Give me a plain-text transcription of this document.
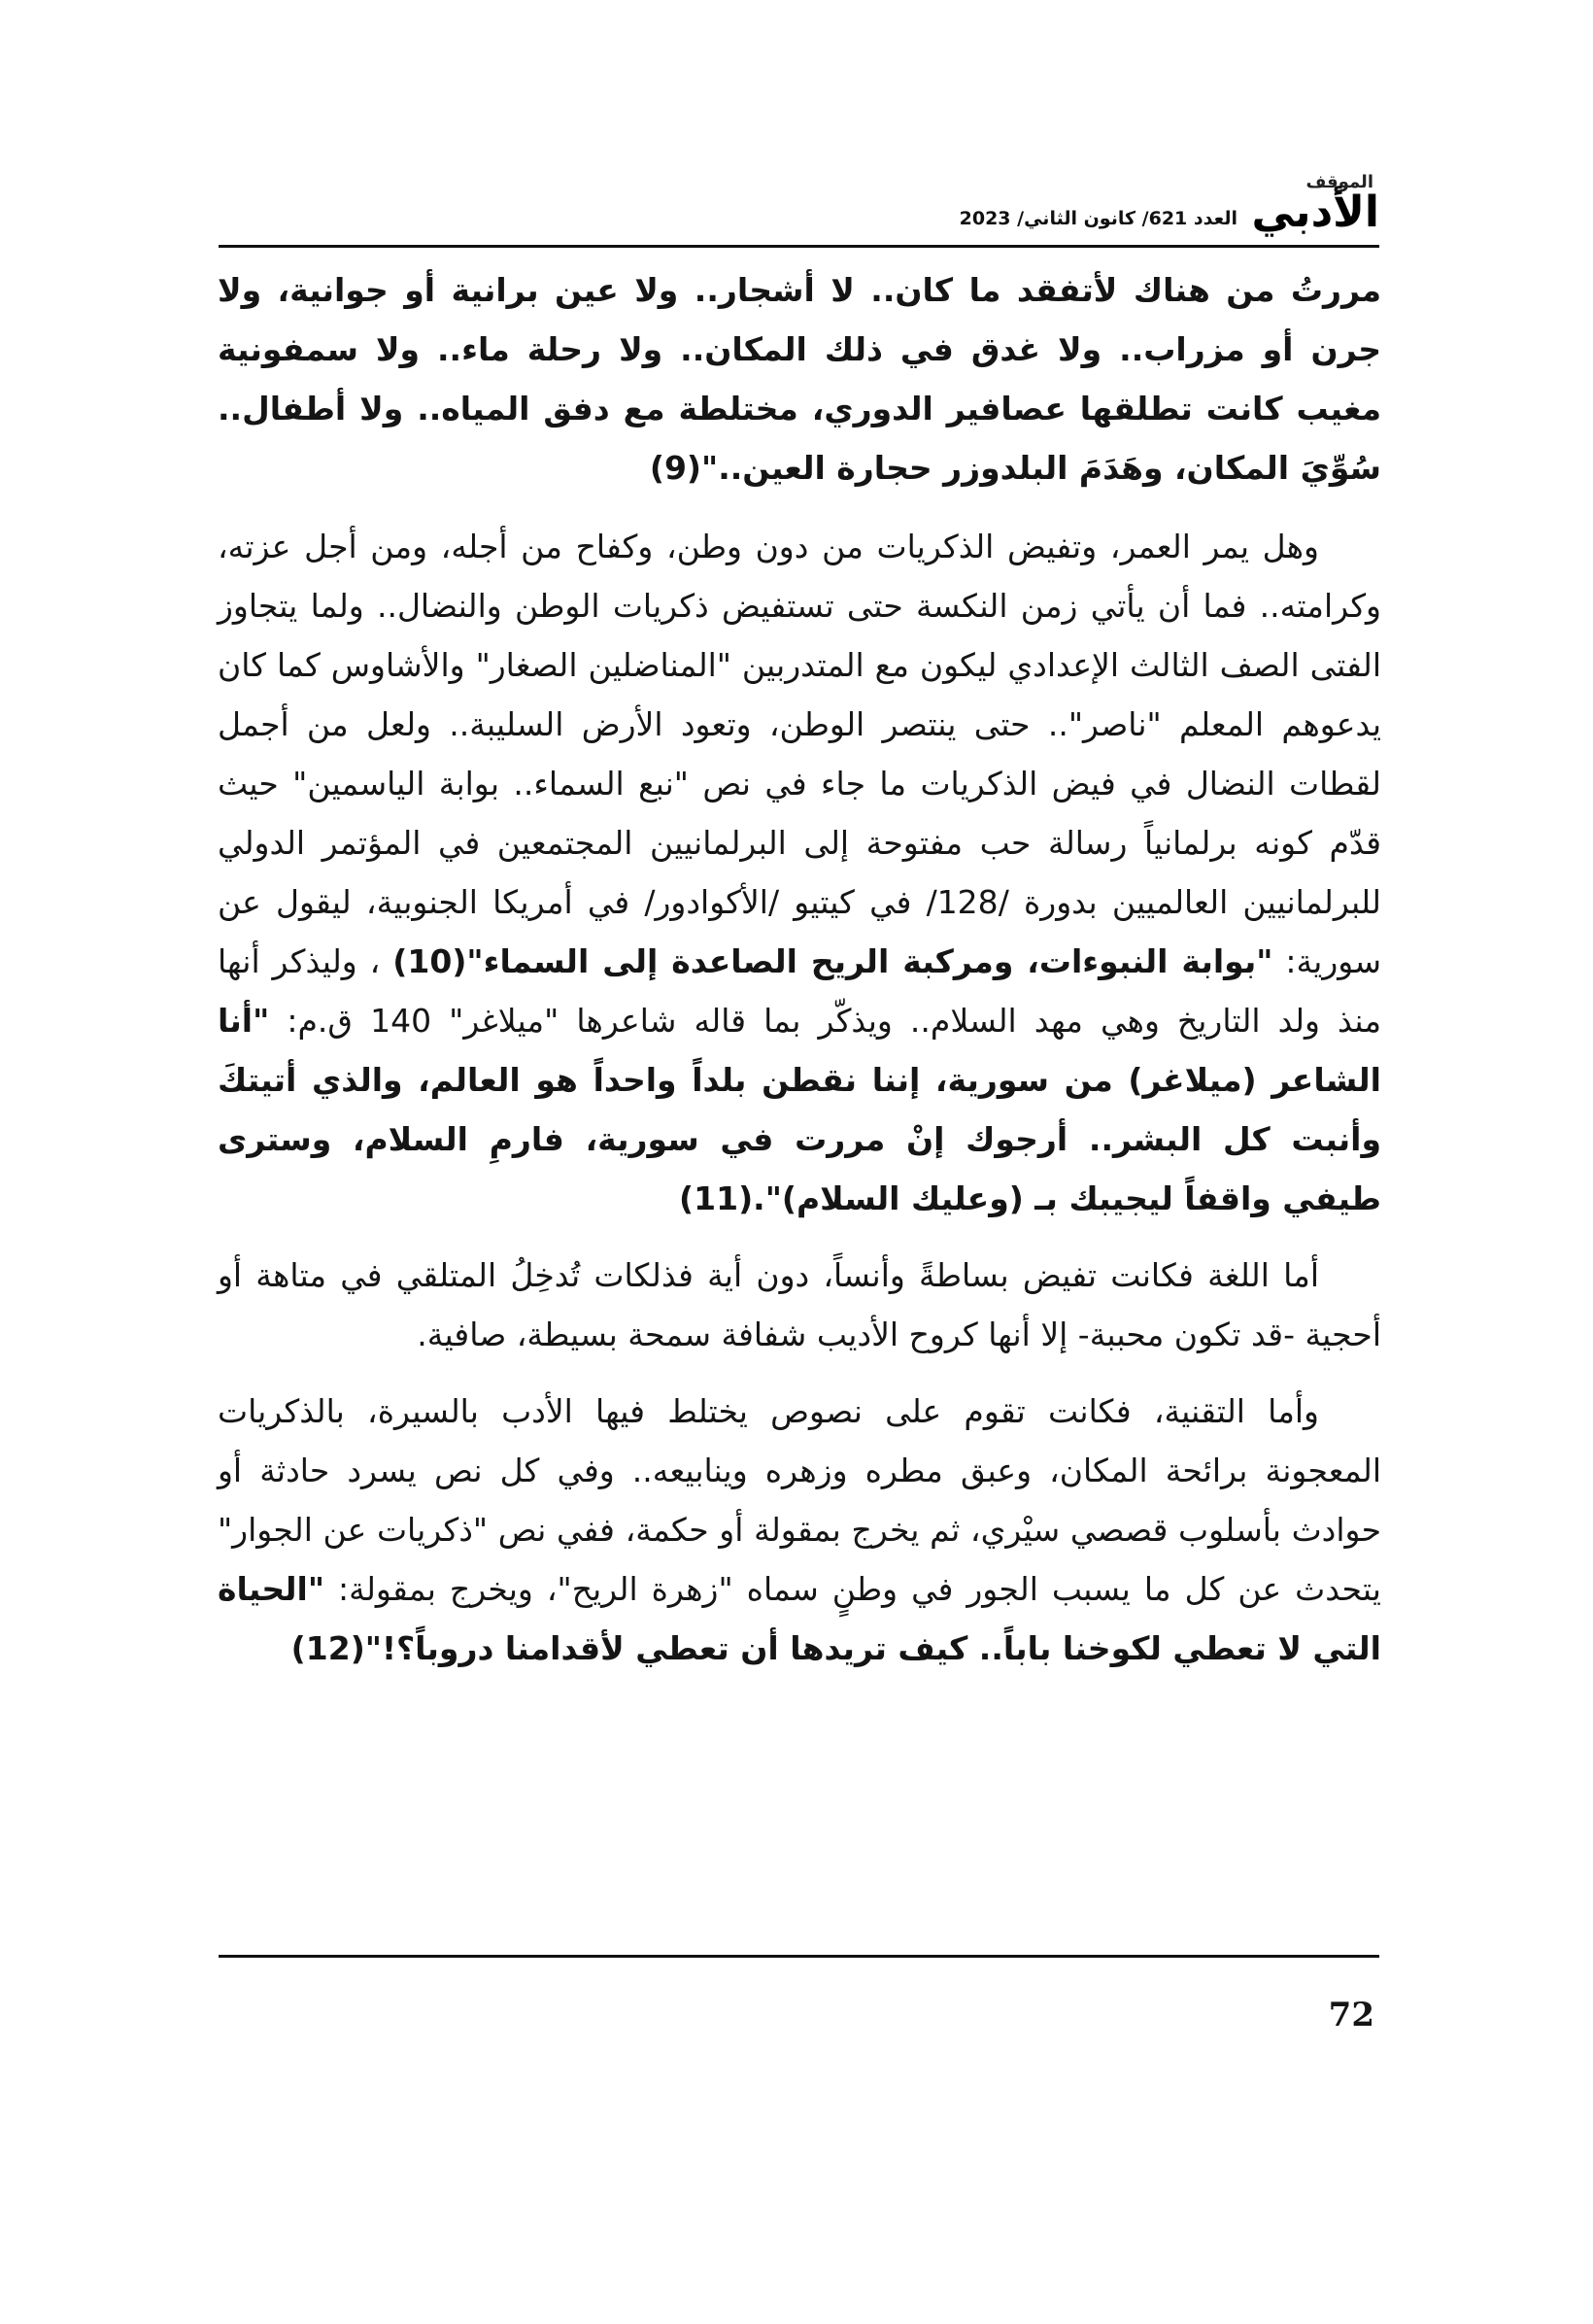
الموقف
الأدبي
العدد 621/ كانون الثاني/ 2023

مررتُ من هناك لأتفقد ما كان.. لا أشجار.. ولا عين برانية أو جوانية، ولا جرن أو مزراب.. ولا غدق في ذلك المكان.. ولا رحلة ماء.. ولا سمفونية مغيب كانت تطلقها عصافير الدوري، مختلطة مع دفق المياه.. ولا أطفال.. سُوِّيَ المكان، وهَدَمَ البلدوزر حجارة العين.."(9)

وهل يمر العمر، وتفيض الذكريات من دون وطن، وكفاح من أجله، ومن أجل عزته، وكرامته.. فما أن يأتي زمن النكسة حتى تستفيض ذكريات الوطن والنضال.. ولما يتجاوز الفتى الصف الثالث الإعدادي ليكون مع المتدربين "المناضلين الصغار" والأشاوس كما كان يدعوهم المعلم "ناصر".. حتى ينتصر الوطن، وتعود الأرض السليبة.. ولعل من أجمل لقطات النضال في فيض الذكريات ما جاء في نص "نبع السماء.. بوابة الياسمين" حيث قدّم كونه برلمانياً رسالة حب مفتوحة إلى البرلمانيين المجتمعين في المؤتمر الدولي للبرلمانيين العالميين بدورة /128/ في كيتيو /الأكوادور/ في أمريكا الجنوبية، ليقول عن سورية: "بوابة النبوءات، ومركبة الريح الصاعدة إلى السماء"(10) ، وليذكر أنها منذ ولد التاريخ وهي مهد السلام.. ويذكّر بما قاله شاعرها "ميلاغر" 140 ق.م: "أنا الشاعر (ميلاغر) من سورية، إننا نقطن بلداً واحداً هو العالم، والذي أتيتكَ وأنبت كل البشر.. أرجوك إنْ مررت في سورية، فارمِ السلام، وسترى طيفي واقفاً ليجيبك بـ (وعليك السلام)".(11)

أما اللغة فكانت تفيض بساطةً وأنساً، دون أية فذلكات تُدخِلُ المتلقي في متاهة أو أحجية -قد تكون محببة- إلا أنها كروح الأديب شفافة سمحة بسيطة، صافية.

وأما التقنية، فكانت تقوم على نصوص يختلط فيها الأدب بالسيرة، بالذكريات المعجونة برائحة المكان، وعبق مطره وزهره وينابيعه.. وفي كل نص يسرد حادثة أو حوادث بأسلوب قصصي سيْري، ثم يخرج بمقولة أو حكمة، ففي نص "ذكريات عن الجوار" يتحدث عن كل ما يسبب الجور في وطنٍ سماه "زهرة الريح"، ويخرج بمقولة: "الحياة التي لا تعطي لكوخنا باباً.. كيف تريدها أن تعطي لأقدامنا دروباً؟!"(12)

72
